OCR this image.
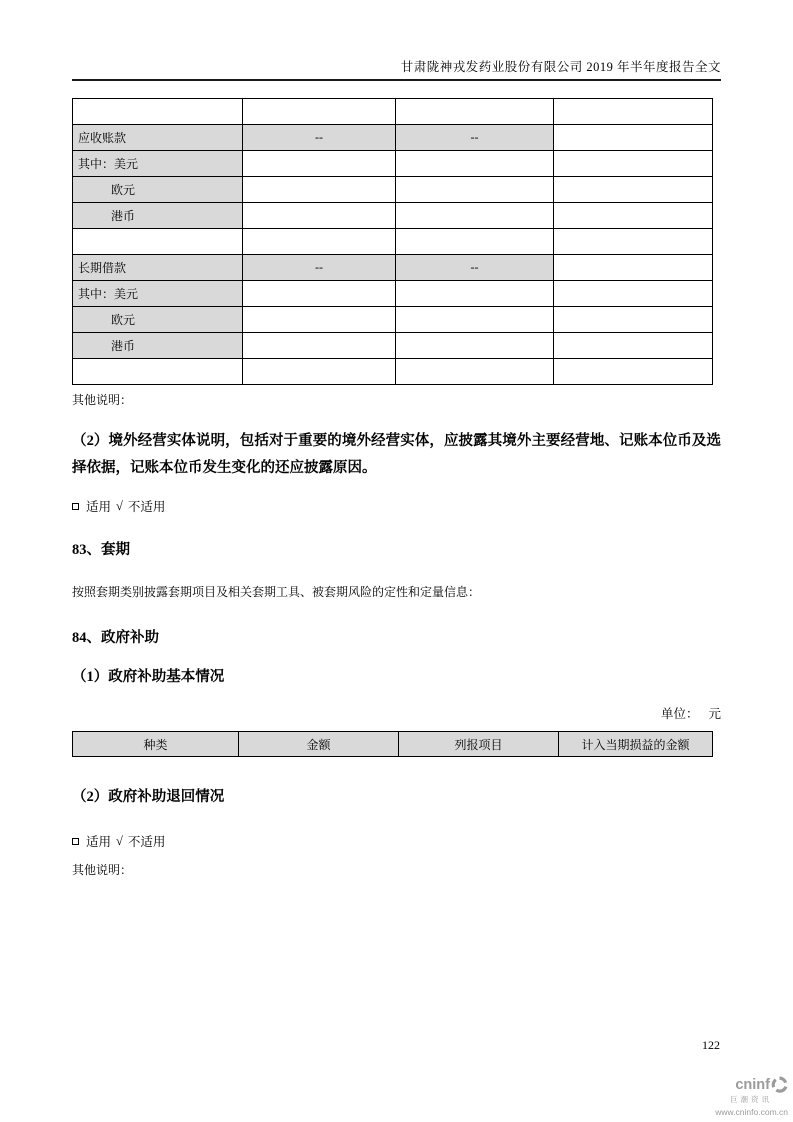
甘肃陇神戎发药业股份有限公司 2019 年半年度报告全文

应收账款	--	--	
其中：美元			
欧元			
港币			

长期借款	--	--	
其中：美元			
欧元			
港币			

其他说明：
（2）境外经营实体说明，包括对于重要的境外经营实体，应披露其境外主要经营地、记账本位币及选择依据，记账本位币发生变化的还应披露原因。
适用 √ 不适用
83、套期
按照套期类别披露套期项目及相关套期工具、被套期风险的定性和定量信息：
84、政府补助
（1）政府补助基本情况
单位： 元
种类	金额	列报项目	计入当期损益的金额
（2）政府补助退回情况
适用 √ 不适用
其他说明：
122
cninf
巨潮资讯
www.cninfo.com.cn
